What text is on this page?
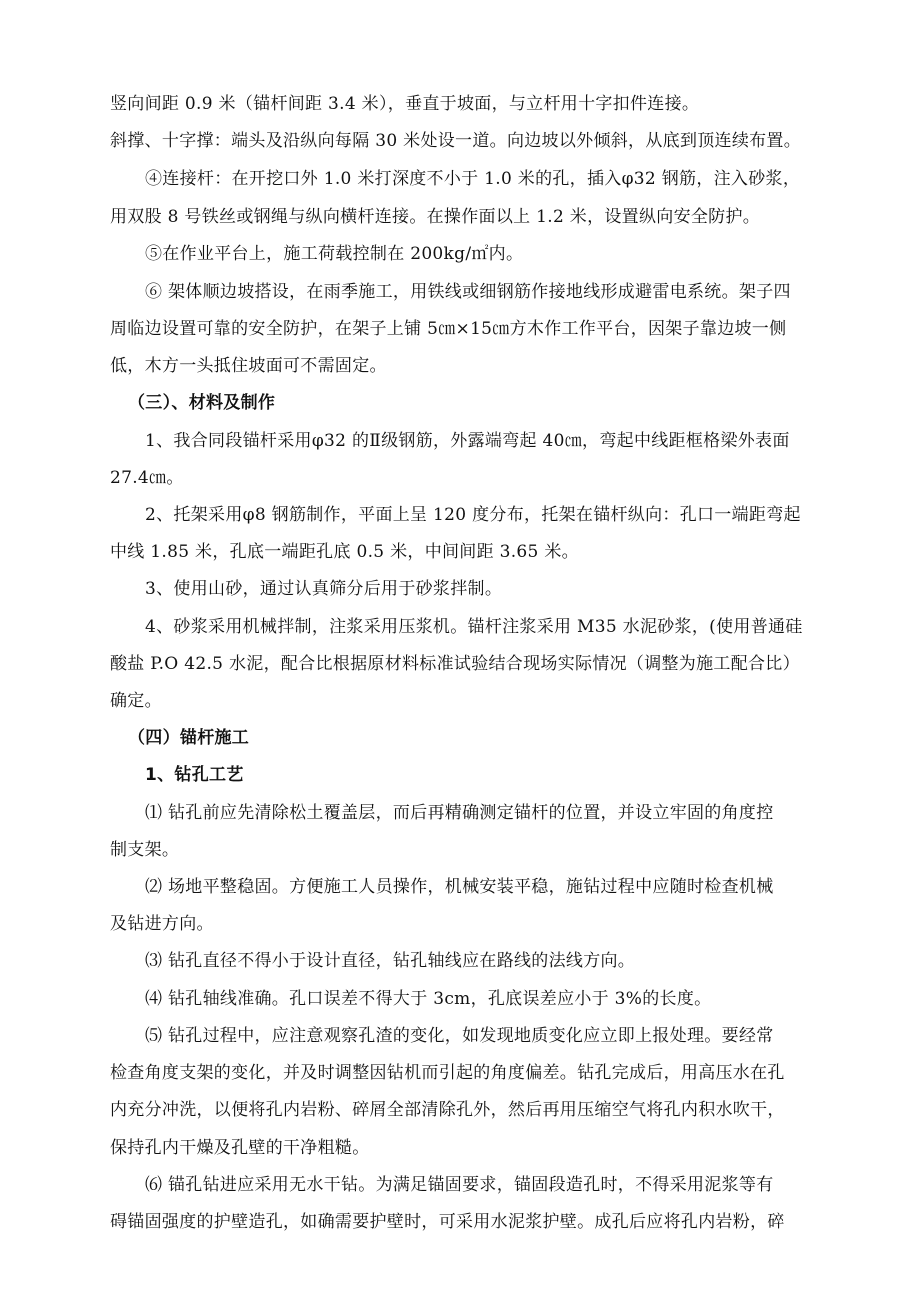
竖向间距 0.9 米（锚杆间距 3.4 米），垂直于坡面，与立杆用十字扣件连接。
斜撑、十字撑：端头及沿纵向每隔 30 米处设一道。向边坡以外倾斜，从底到顶连续布置。
④连接杆：在开挖口外 1.0 米打深度不小于 1.0 米的孔，插入φ32 钢筋，注入砂浆，
用双股 8 号铁丝或钢绳与纵向横杆连接。在操作面以上 1.2 米，设置纵向安全防护。
⑤在作业平台上，施工荷载控制在 200kg/㎡内。
⑥ 架体顺边坡搭设，在雨季施工，用铁线或细钢筋作接地线形成避雷电系统。架子四
周临边设置可靠的安全防护，在架子上铺 5㎝×15㎝方木作工作平台，因架子靠边坡一侧
低，木方一头抵住坡面可不需固定。
（三）、材料及制作
1、我合同段锚杆采用φ32 的Ⅱ级钢筋，外露端弯起 40㎝，弯起中线距框格梁外表面
27.4㎝。
2、托架采用φ8 钢筋制作，平面上呈 120 度分布，托架在锚杆纵向：孔口一端距弯起
中线 1.85 米，孔底一端距孔底 0.5 米，中间间距 3.65 米。
3、使用山砂，通过认真筛分后用于砂浆拌制。
4、砂浆采用机械拌制，注浆采用压浆机。锚杆注浆采用 M35 水泥砂浆，(使用普通硅
酸盐 P.O 42.5 水泥，配合比根据原材料标准试验结合现场实际情况（调整为施工配合比）
确定。
（四）锚杆施工
1、钻孔工艺
⑴ 钻孔前应先清除松土覆盖层，而后再精确测定锚杆的位置，并设立牢固的角度控
制支架。
⑵ 场地平整稳固。方便施工人员操作，机械安装平稳，施钻过程中应随时检查机械
及钻进方向。
⑶ 钻孔直径不得小于设计直径，钻孔轴线应在路线的法线方向。
⑷ 钻孔轴线准确。孔口误差不得大于 3cm，孔底误差应小于 3%的长度。
⑸ 钻孔过程中，应注意观察孔渣的变化，如发现地质变化应立即上报处理。要经常
检查角度支架的变化，并及时调整因钻机而引起的角度偏差。钻孔完成后，用高压水在孔
内充分冲洗，以便将孔内岩粉、碎屑全部清除孔外，然后再用压缩空气将孔内积水吹干，
保持孔内干燥及孔壁的干净粗糙。
⑹ 锚孔钻进应采用无水干钻。为满足锚固要求，锚固段造孔时，不得采用泥浆等有
碍锚固强度的护壁造孔，如确需要护壁时，可采用水泥浆护壁。成孔后应将孔内岩粉，碎
